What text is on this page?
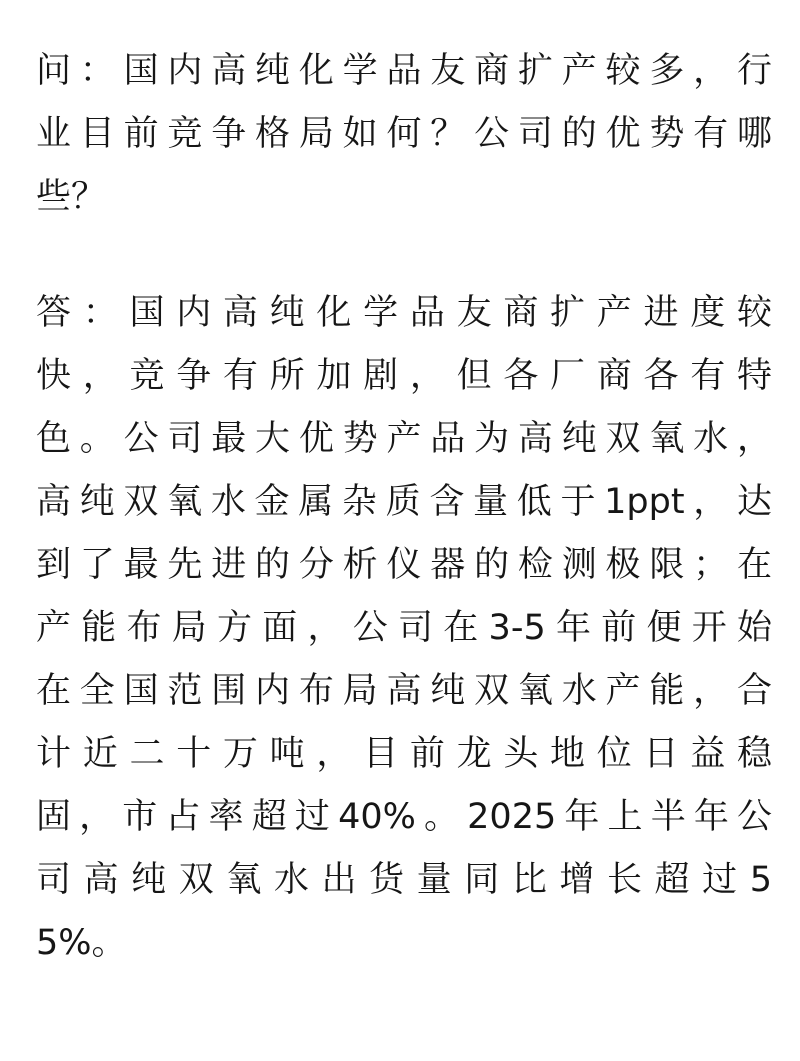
问：国内高纯化学品友商扩产较多，行
业目前竞争格局如何？公司的优势有哪
些？
答：国内高纯化学品友商扩产进度较
快，竞争有所加剧，但各厂商各有特
色。公司最大优势产品为高纯双氧水，
高纯双氧水金属杂质含量低于1ppt，达
到了最先进的分析仪器的检测极限；在
产能布局方面，公司在3-5年前便开始
在全国范围内布局高纯双氧水产能，合
计近二十万吨，目前龙头地位日益稳
固，市占率超过40%。2025年上半年公
司高纯双氧水出货量同比增长超过5
5%。
